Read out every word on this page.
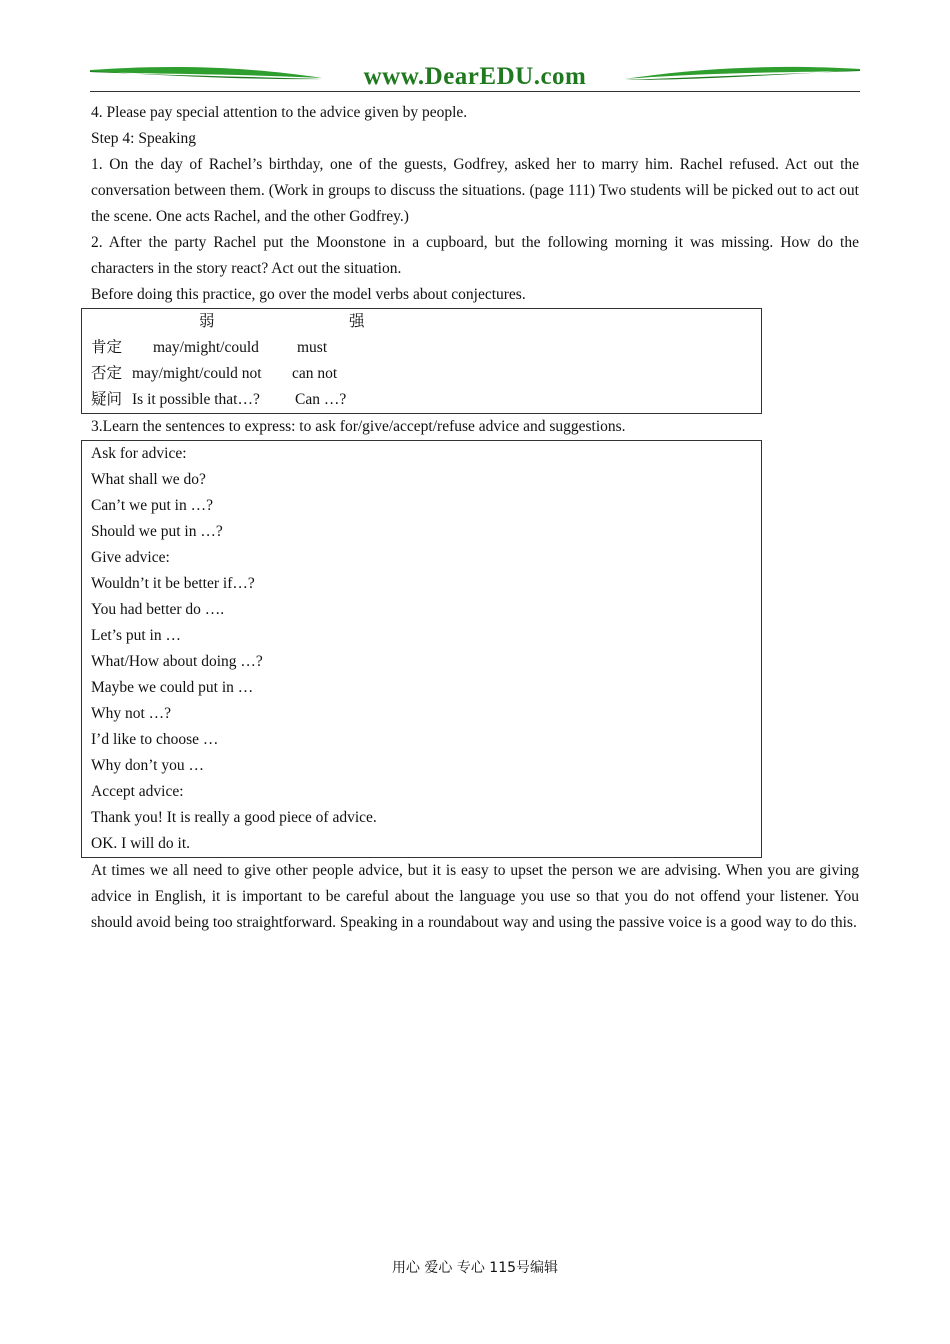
www.DearEDU.com

4. Please pay special attention to the advice given by people.

Step 4: Speaking

1. On the day of Rachel’s birthday, one of the guests, Godfrey, asked her to marry him. Rachel refused. Act out the conversation between them. (Work in groups to discuss the situations. (page 111) Two students will be picked out to act out the scene. One acts Rachel, and the other Godfrey.)

2. After the party Rachel put the Moonstone in a cupboard, but the following morning it was missing. How do the characters in the story react? Act out the situation.

Before doing this practice, go over the model verbs about conjectures.

弱	强
肯定 may/might/could must
否定 may/might/could not can not
疑问 Is it possible that…? Can …?

3.Learn the sentences to express: to ask for/give/accept/refuse advice and suggestions.

Ask for advice:
What shall we do?
Can’t we put in …?
Should we put in …?
Give advice:
Wouldn’t it be better if…?
You had better do ….
Let’s put in …
What/How about doing …?
Maybe we could put in …
Why not …?
I’d like to choose …
Why don’t you …
Accept advice:
Thank you! It is really a good piece of advice.
OK. I will do it.

At times we all need to give other people advice, but it is easy to upset the person we are advising. When you are giving advice in English, it is important to be careful about the language you use so that you do not offend your listener. You should avoid being too straightforward. Speaking in a roundabout way and using the passive voice is a good way to do this.

用心 爱心 专心 115号编辑
